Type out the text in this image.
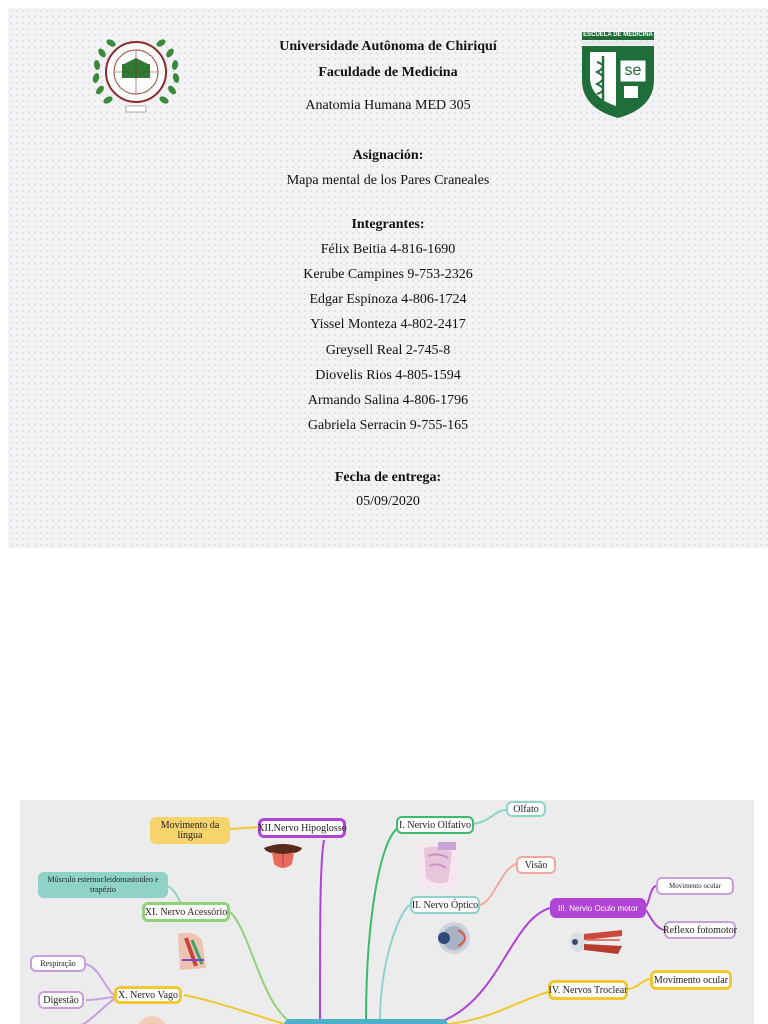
ESCUELA DE MEDICINA
se
Universidade Autônoma de Chiriquí
Faculdade de Medicina
Anatomia Humana MED 305
Asignación:
Mapa mental de los Pares Craneales
Integrantes:
Félix Beitia 4-816-1690
Kerube Campines 9-753-2326
Edgar Espinoza 4-806-1724
Yissel Monteza 4-802-2417
Greysell Real 2-745-8
Diovelis Rios 4-805-1594
Armando Salina 4-806-1796
Gabriela Serracin 9-755-165
Fecha de entrega:
05/09/2020
XII.Nervo Hipoglosso
Movimento da língua
I. Nervio Olfativo
Olfato
II. Nervo Óptico
Visão
III. Nervio Oculo motor
Movimento ocular
Reflexo fotomotor
IV. Nervos Troclear
Movimento ocular
XI. Nervo Acessório
Músculo esternocleidomastoideo e trapézio
X. Nervo Vago
Respiração
Digestão
